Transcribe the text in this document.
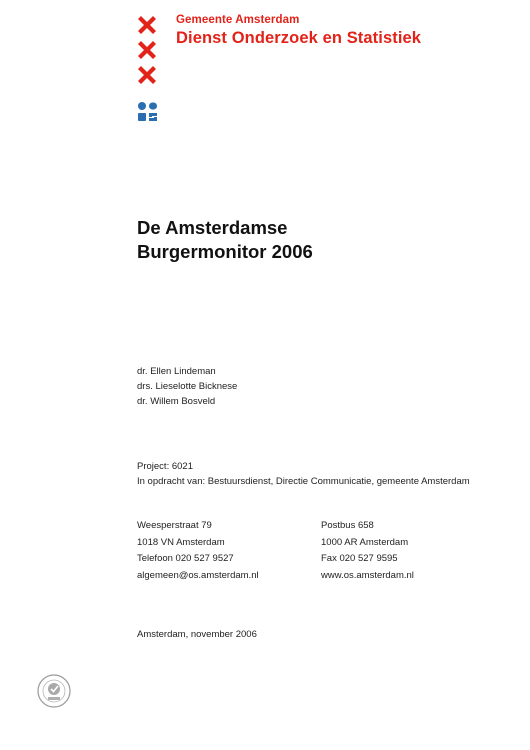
Gemeente Amsterdam
Dienst Onderzoek en Statistiek
De Amsterdamse
Burgermonitor 2006
dr. Ellen Lindeman
drs. Lieselotte Bicknese
dr. Willem Bosveld
Project: 6021
In opdracht van: Bestuursdienst, Directie Communicatie, gemeente Amsterdam
Weesperstraat 79
1018 VN Amsterdam
Telefoon 020 527 9527
algemeen@os.amsterdam.nl
Postbus 658
1000 AR Amsterdam
Fax 020 527 9595
www.os.amsterdam.nl
Amsterdam, november 2006
